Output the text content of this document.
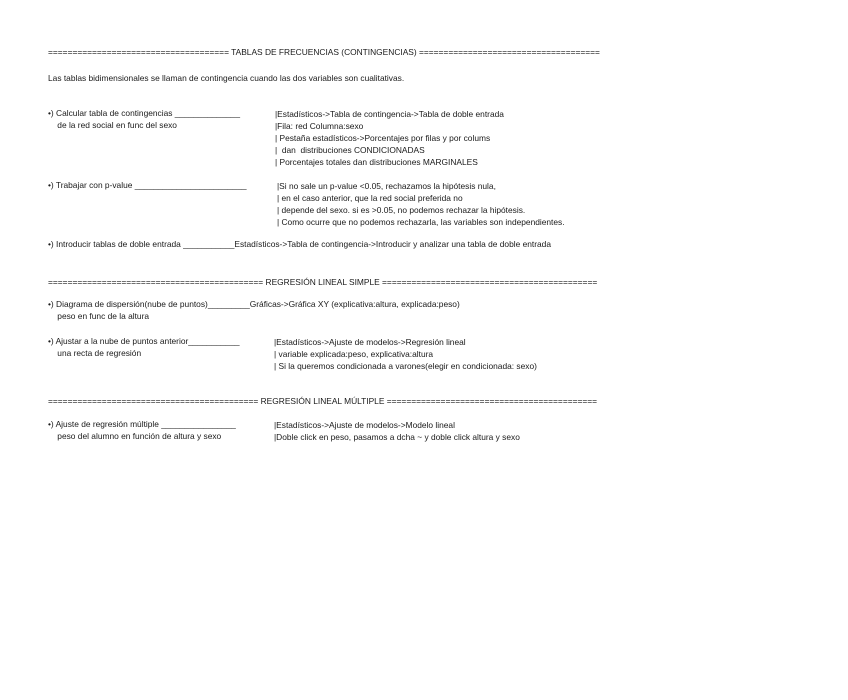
===================================== TABLAS DE FRECUENCIAS (CONTINGENCIAS) =====================================
Las tablas bidimensionales se llaman de contingencia cuando las dos variables son cualitativas.
•) Calcular tabla de contingencias ______________
de la red social en func del sexo
|Estadísticos->Tabla de contingencia->Tabla de doble entrada
|Fila: red Columna:sexo
| Pestaña estadísticos->Porcentajes por filas y por colums
|  dan  distribuciones CONDICIONADAS
| Porcentajes totales dan distribuciones MARGINALES
•) Trabajar con p-value ________________________	|Si no sale un p-value <0.05, rechazamos la hipótesis nula,
| en el caso anterior, que la red social preferida no
| depende del sexo. si es >0.05, no podemos rechazar la hipótesis.
| Como ocurre que no podemos rechazarla, las variables son independientes.
•) Introducir tablas de doble entrada ___________Estadísticos->Tabla de contingencia->Introducir y analizar una tabla de doble entrada
============================================ REGRESIÓN LINEAL SIMPLE ============================================
•) Diagrama de dispersión(nube de puntos)_________Gráficas->Gráfica XY (explicativa:altura, explicada:peso)
peso en func de la altura
•) Ajustar a la nube de puntos anterior___________
una recta de regresión
|Estadísticos->Ajuste de modelos->Regresión lineal
| variable explicada:peso, explicativa:altura
| Si la queremos condicionada a varones(elegir en condicionada: sexo)
=========================================== REGRESIÓN LINEAL MÚLTIPLE ===========================================
•) Ajuste de regresión múltiple ________________
peso del alumno en función de altura y sexo
|Estadísticos->Ajuste de modelos->Modelo lineal
|Doble click en peso, pasamos a dcha ~ y doble click altura y sexo
